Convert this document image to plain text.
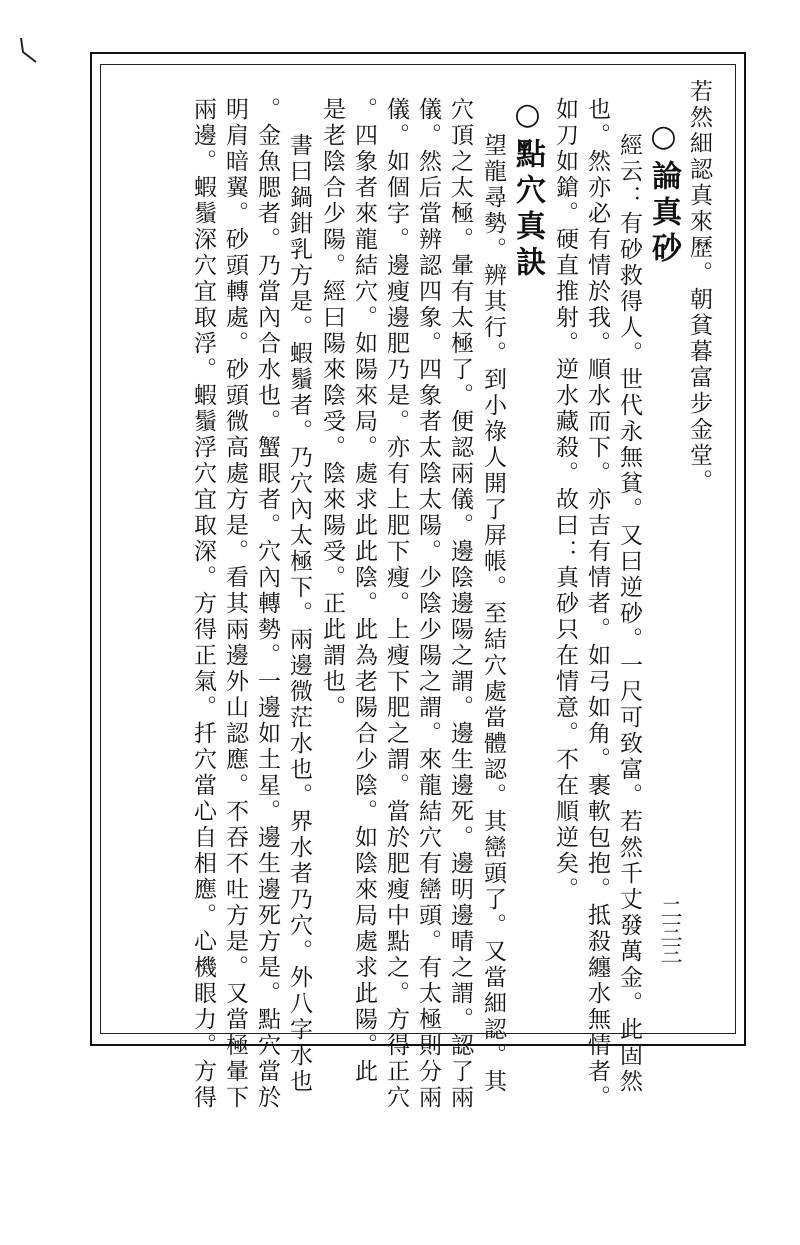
若然細認真來歷。朝貧暮富步金堂。
○論真砂
經云：有砂救得人。世代永無貧。又曰逆砂。一尺可致富。若然千丈發萬金。此固然
也。然亦必有情於我。順水而下。亦吉有情者。如弓如角。裹軟包抱。抵殺纏水無情者。
如刀如鎗。硬直推射。逆水藏殺。故曰：真砂只在情意。不在順逆矣。
○點穴真訣
望龍尋勢。辨其行。到小祿人開了屏帳。至結穴處當體認。其巒頭了。又當細認。其
穴頂之太極。暈有太極了。便認兩儀。邊陰邊陽之謂。邊生邊死。邊明邊晴之謂。認了兩
儀。然后當辨認四象。四象者太陰太陽。少陰少陽之謂。來龍結穴有巒頭。有太極則分兩
儀。如個字。邊瘦邊肥乃是。亦有上肥下瘦。上瘦下肥之謂。當於肥瘦中點之。方得正穴
。四象者來龍結穴。如陽來局。處求此此陰。此為老陽合少陰。如陰來局處求此陽。此
是老陰合少陽。經曰陽來陰受。陰來陽受。正此謂也。
書曰鍋鉗乳方是。蝦鬚者。乃穴內太極下。兩邊微茫水也。界水者乃穴。外八字水也
。金魚腮者。乃當內合水也。蟹眼者。穴內轉勢。一邊如土星。邊生邊死方是。點穴當於
明肩暗翼。砂頭轉處。砂頭微高處方是。看其兩邊外山認應。不吞不吐方是。又當極暈下
兩邊。蝦鬚深穴宜取浮。蝦鬚浮穴宜取深。方得正氣。扦穴當心自相應。心機眼力。方得	二三三
